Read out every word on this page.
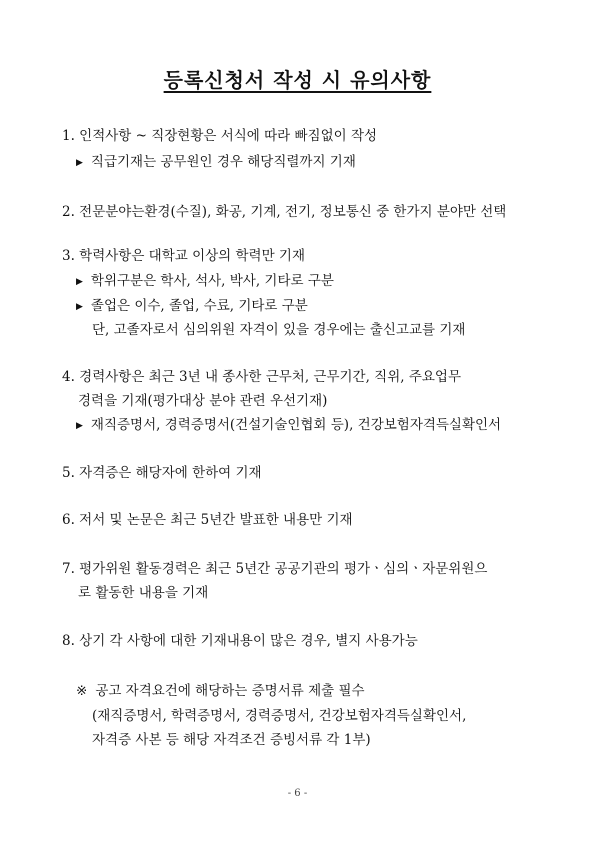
등록신청서 작성 시 유의사항
1. 인적사항 ~ 직장현황은 서식에 따라 빠짐없이 작성
▶ 직급기재는 공무원인 경우 해당직렬까지 기재
2. 전문분야는환경(수질), 화공, 기계, 전기, 정보통신 중 한가지 분야만 선택
3. 학력사항은 대학교 이상의 학력만 기재
▶ 학위구분은 학사, 석사, 박사, 기타로 구분
▶ 졸업은 이수, 졸업, 수료, 기타로 구분
단, 고졸자로서 심의위원 자격이 있을 경우에는 출신고교를 기재
4. 경력사항은 최근 3년 내 종사한 근무처, 근무기간, 직위, 주요업무
경력을 기재(평가대상 분야 관련 우선기재)
▶ 재직증명서, 경력증명서(건설기술인협회 등), 건강보험자격득실확인서
5. 자격증은 해당자에 한하여 기재
6. 저서 및 논문은 최근 5년간 발표한 내용만 기재
7. 평가위원 활동경력은 최근 5년간 공공기관의 평가ㆍ심의ㆍ자문위원으
로 활동한 내용을 기재
8. 상기 각 사항에 대한 기재내용이 많은 경우, 별지 사용가능
※ 공고 자격요건에 해당하는 증명서류 제출 필수
(재직증명서, 학력증명서, 경력증명서, 건강보험자격득실확인서,
자격증 사본 등 해당 자격조건 증빙서류 각 1부)
- 6 -
